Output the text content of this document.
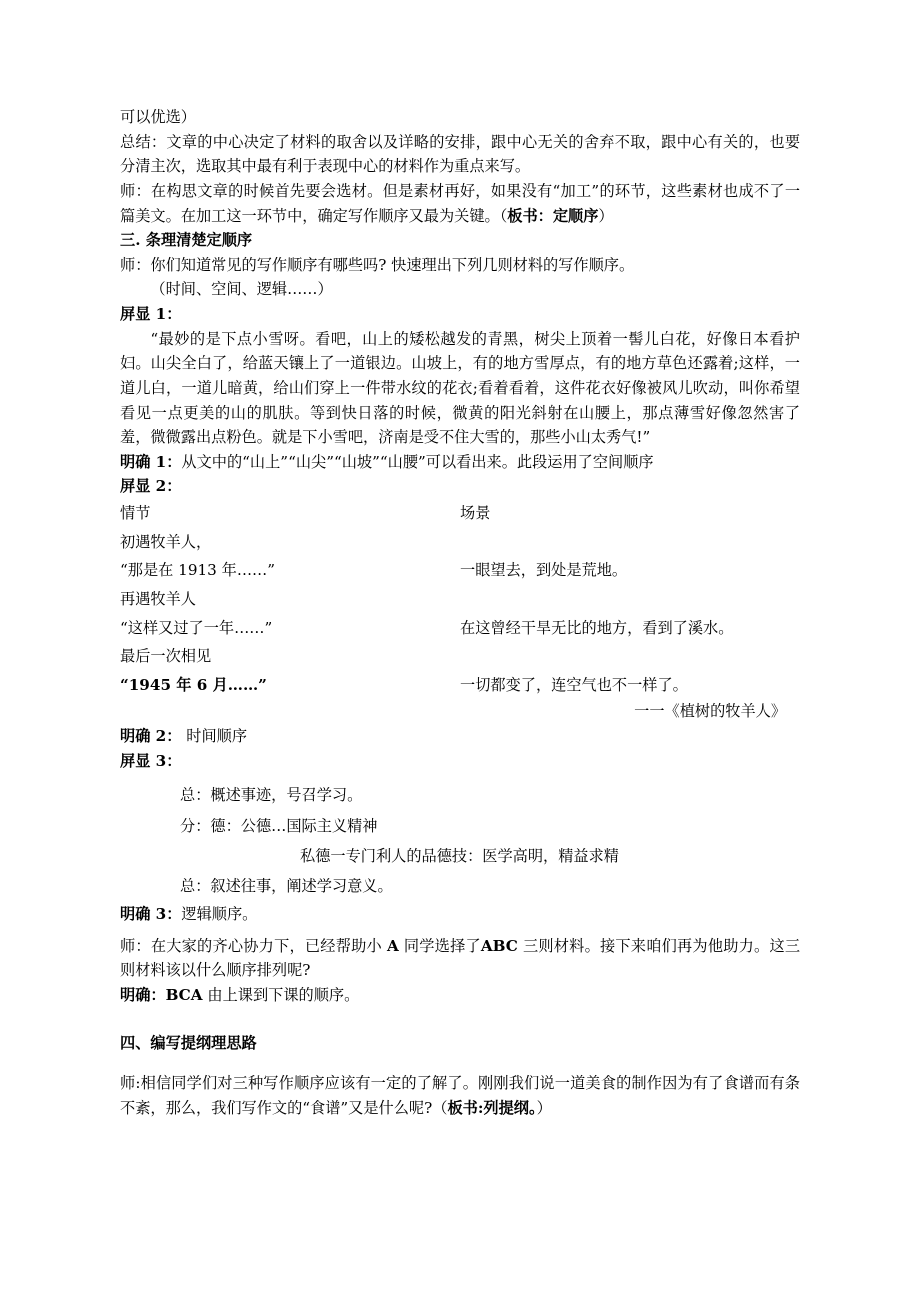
可以优选）

总结：文章的中心决定了材料的取舍以及详略的安排，跟中心无关的舍弃不取，跟中心有关的，也要分清主次，选取其中最有利于表现中心的材料作为重点来写。

师：在构思文章的时候首先要会选材。但是素材再好，如果没有“加工”的环节，这些素材也成不了一篇美文。在加工这一环节中，确定写作顺序又最为关键。（板书：定顺序）

三. 条理清楚定顺序

师：你们知道常见的写作顺序有哪些吗? 快速理出下列几则材料的写作顺序。

（时间、空间、逻辑……）

屏显 1：

“最妙的是下点小雪呀。看吧，山上的矮松越发的青黑，树尖上顶着一髻儿白花，好像日本看护妇。山尖全白了，给蓝天镶上了一道银边。山坡上，有的地方雪厚点，有的地方草色还露着;这样，一道儿白，一道儿暗黄，给山们穿上一件带水纹的花衣;看着看着，这件花衣好像被风儿吹动，叫你希望看见一点更美的山的肌肤。等到快日落的时候，微黄的阳光斜射在山腰上，那点薄雪好像忽然害了羞，微微露出点粉色。就是下小雪吧，济南是受不住大雪的，那些小山太秀气!”

明确 1：从文中的“山上”“山尖”“山坡”“山腰”可以看出来。此段运用了空间顺序

屏显 2：

情节	场景
初遇牧羊人，	
“那是在 1913 年……”	一眼望去，到处是荒地。
再遇牧羊人	
“这样又过了一年……”	在这曾经干旱无比的地方，看到了溪水。
最后一次相见	
“1945 年 6 月……”	一切都变了，连空气也不一样了。

一一《植树的牧羊人》

明确 2： 时间顺序

屏显 3：

总：概述事迹，号召学习。

分：德：公德…国际主义精神

私德一专门利人的品德技：医学高明，精益求精

总：叙述往事，阐述学习意义。

明确 3：逻辑顺序。

师：在大家的齐心协力下，已经帮助小 A 同学选择了ABC 三则材料。接下来咱们再为他助力。这三则材料该以什么顺序排列呢?

明确：BCA 由上课到下课的顺序。

四、编写提纲理思路

师:相信同学们对三种写作顺序应该有一定的了解了。刚刚我们说一道美食的制作因为有了食谱而有条不紊，那么，我们写作文的“食谱”又是什么呢?（板书:列提纲。）
